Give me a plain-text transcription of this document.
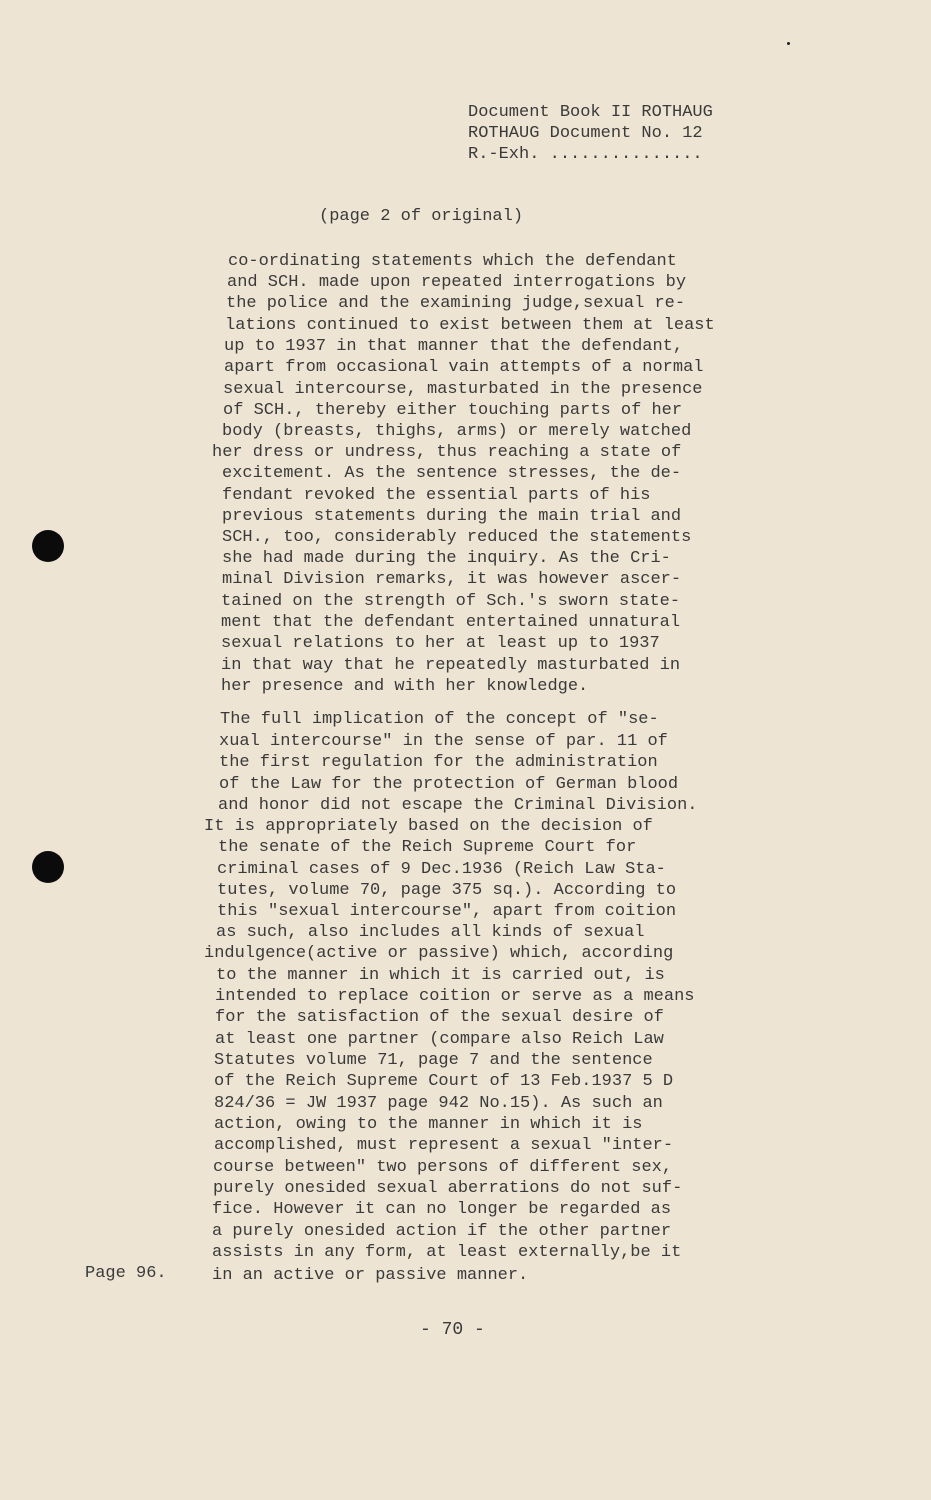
Document Book II ROTHAUG
ROTHAUG Document No. 12
R.-Exh. ...............
(page 2 of original)
co-ordinating statements which the defendant
and SCH. made upon repeated interrogations by
the police and the examining judge,sexual re-
lations continued to exist between them at least
up to 1937 in that manner that the defendant,
apart from occasional vain attempts of a normal
sexual intercourse, masturbated in the presence
of SCH., thereby either touching parts of her
body (breasts, thighs, arms) or merely watched
her dress or undress, thus reaching a state of
excitement. As the sentence stresses, the de-
fendant revoked the essential parts of his
previous statements during the main trial and
SCH., too, considerably reduced the statements
she had made during the inquiry. As the Cri-
minal Division remarks, it was however ascer-
tained on the strength of Sch.'s sworn state-
ment that the defendant entertained unnatural
sexual relations to her at least up to 1937
in that way that he repeatedly masturbated in
her presence and with her knowledge.
The full implication of the concept of "se-
xual intercourse" in the sense of par. 11 of
the first regulation for the administration
of the Law for the protection of German blood
and honor did not escape the Criminal Division.
It is appropriately based on the decision of
the senate of the Reich Supreme Court for
criminal cases of 9 Dec.1936 (Reich Law Sta-
tutes, volume 70, page 375 sq.). According to
this "sexual intercourse", apart from coition
as such, also includes all kinds of sexual
indulgence(active or passive) which, according
to the manner in which it is carried out, is
intended to replace coition or serve as a means
for the satisfaction of the sexual desire of
at least one partner (compare also Reich Law
Statutes volume 71, page 7 and the sentence
of the Reich Supreme Court of 13 Feb.1937 5 D
824/36 = JW 1937 page 942 No.15). As such an
action, owing to the manner in which it is
accomplished, must represent a sexual "inter-
course between" two persons of different sex,
purely onesided sexual aberrations do not suf-
fice. However it can no longer be regarded as
a purely onesided action if the other partner
assists in any form, at least externally,be it
in an active or passive manner.
Page 96.
- 70 -
